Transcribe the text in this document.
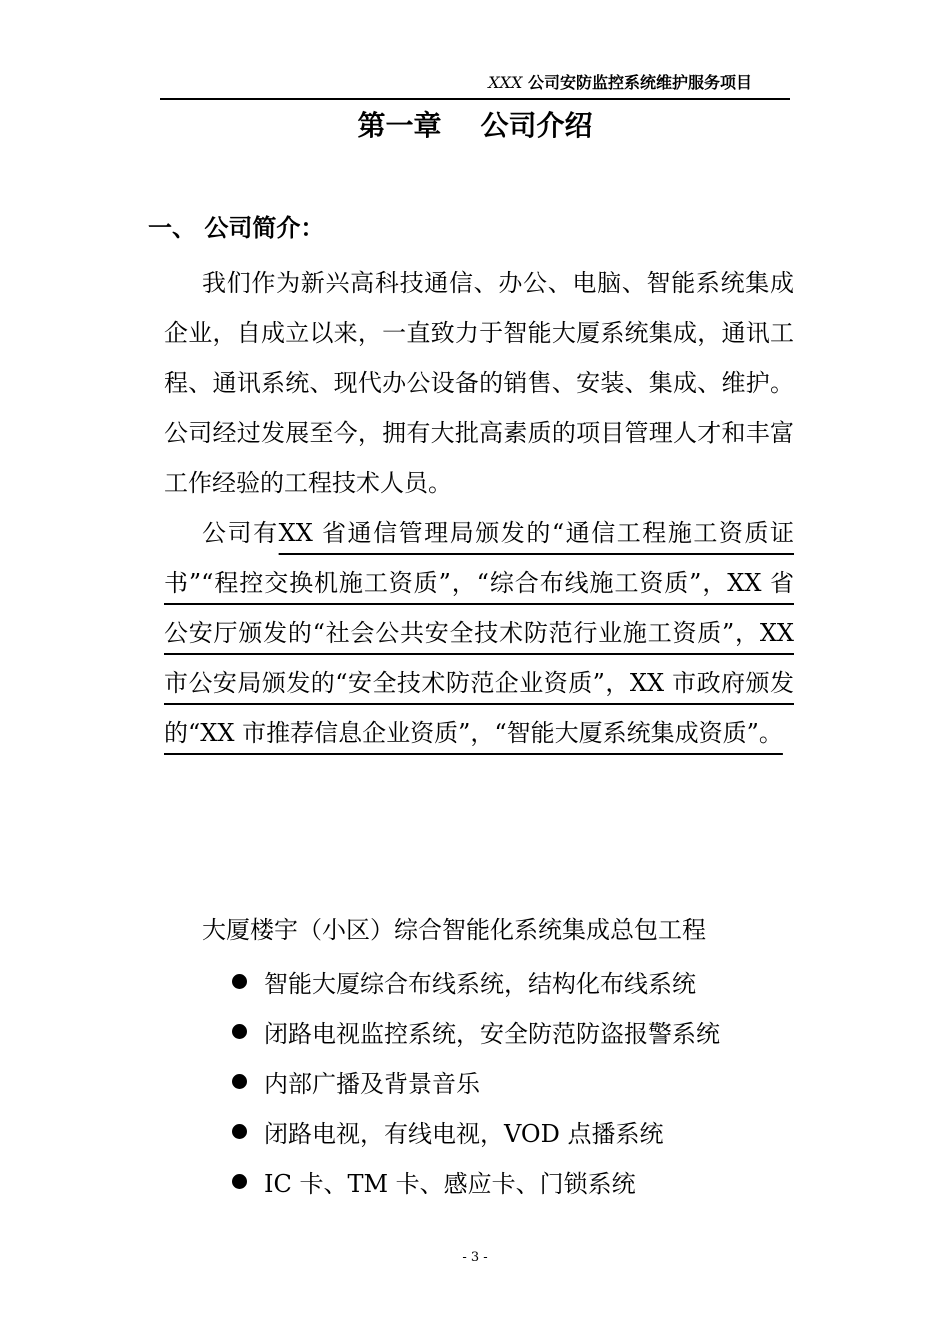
XXX 公司安防监控系统维护服务项目
第一章    公司介绍
一、 公司简介：

我们作为新兴高科技通信、办公、电脑、智能系统集成企业，自成立以来，一直致力于智能大厦系统集成，通讯工程、通讯系统、现代办公设备的销售、安装、集成、维护。公司经过发展至今，拥有大批高素质的项目管理人才和丰富工作经验的工程技术人员。

公司有XX 省通信管理局颁发的“通信工程施工资质证书”“程控交换机施工资质”，“综合布线施工资质”，XX 省公安厅颁发的“社会公共安全技术防范行业施工资质”，XX 市公安局颁发的“安全技术防范企业资质”，XX 市政府颁发的“XX 市推荐信息企业资质”，“智能大厦系统集成资质”。

大厦楼宇（小区）综合智能化系统集成总包工程
智能大厦综合布线系统，结构化布线系统
闭路电视监控系统，安全防范防盗报警系统
内部广播及背景音乐
闭路电视，有线电视，VOD 点播系统
IC 卡、TM 卡、感应卡、门锁系统
- 3 -
